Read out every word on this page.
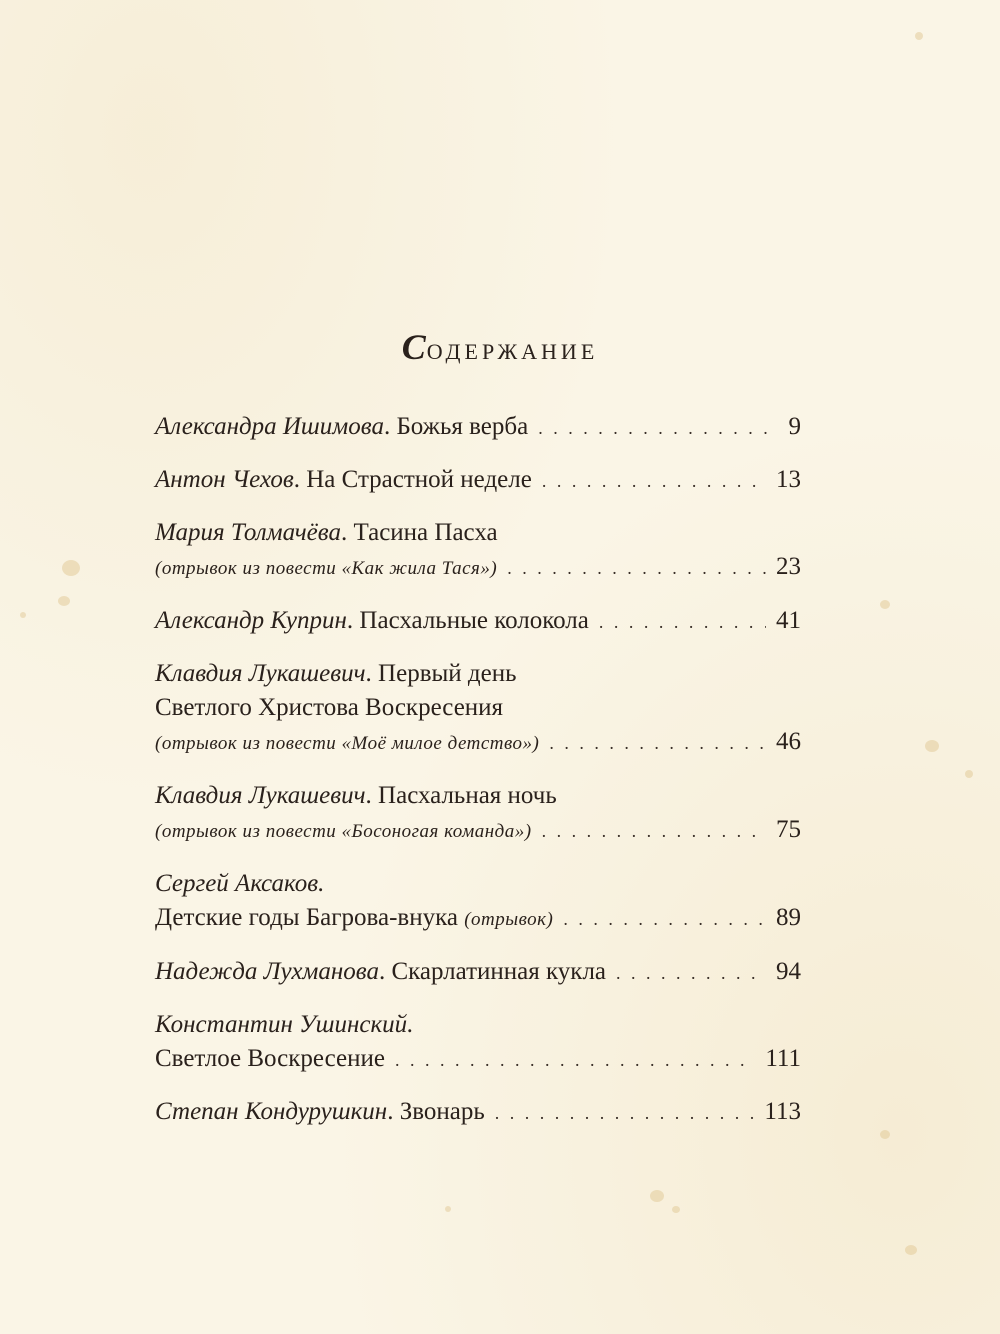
Содержание
Александра Ишимова . Божья верба . . .	9
Антон Чехов . На Страстной неделе . . .	13
Мария Толмачёва . Тасина Пасха
(отрывок из повести «Как жила Тася») . . .	23
Александр Куприн . Пасхальные колокола . . .	41
Клавдия Лукашевич . Первый день
Светлого Христова Воскресения
(отрывок из повести «Моё милое детство») . . .	46
Клавдия Лукашевич . Пасхальная ночь
(отрывок из повести «Босоногая команда») . . .	75
Сергей Аксаков .
Детские годы Багрова-внука
(отрывок) . . .	89
Надежда Лухманова . Скарлатинная кукла . . .	94
Константин Ушинский .
Светлое Воскресение . . .	111
Степан Кондурушкин . Звонарь . . .	113
